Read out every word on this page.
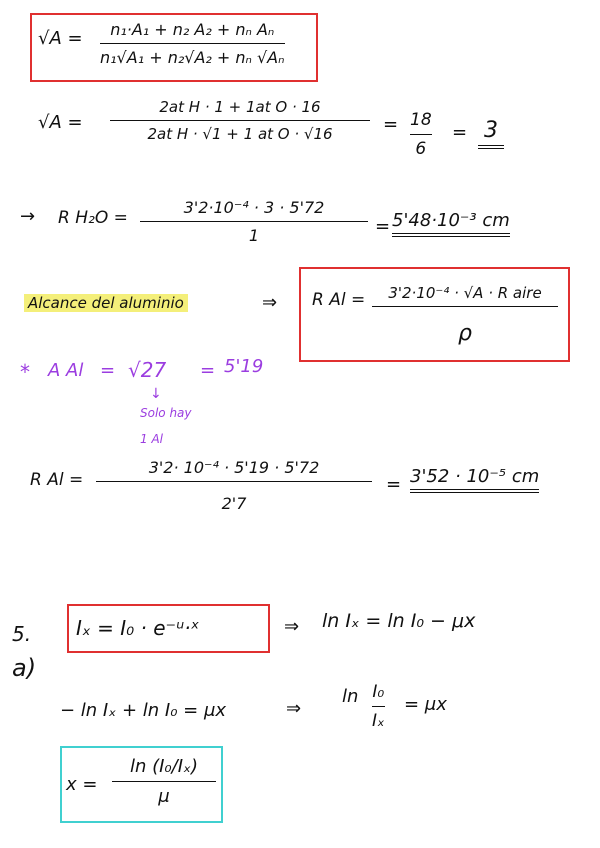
√A = n₁·A₁ + n₂ A₂ + nₙ Aₙ
n₁√A₁ + n₂√A₂ + nₙ √Aₙ
√A =
2at H · 1 + 1at O · 16
2at H · √1 + 1 at O · √16	= 18
6
= 3
→ R H₂O =
3'2·10⁻⁴ · 3 · 5'72
1	= 5'48·10⁻³ cm
Alcance del aluminio	⇒ R Al = 3'2·10⁻⁴ · √A · R aire
ρ
* A Al = √27 = 5'19
↓
Solo hay
1 Al
R Al =
3'2· 10⁻⁴ · 5'19 · 5'72
2'7
= 3'52 · 10⁻⁵ cm
5.
a)
Iₓ = I₀ · e⁻ᵘ·ˣ	⇒ ln Iₓ = ln I₀ − μx
− ln Iₓ + ln I₀ = μx	⇒
ln I₀
Iₓ
= μx
x =
ln (I₀/Iₓ)
μ
